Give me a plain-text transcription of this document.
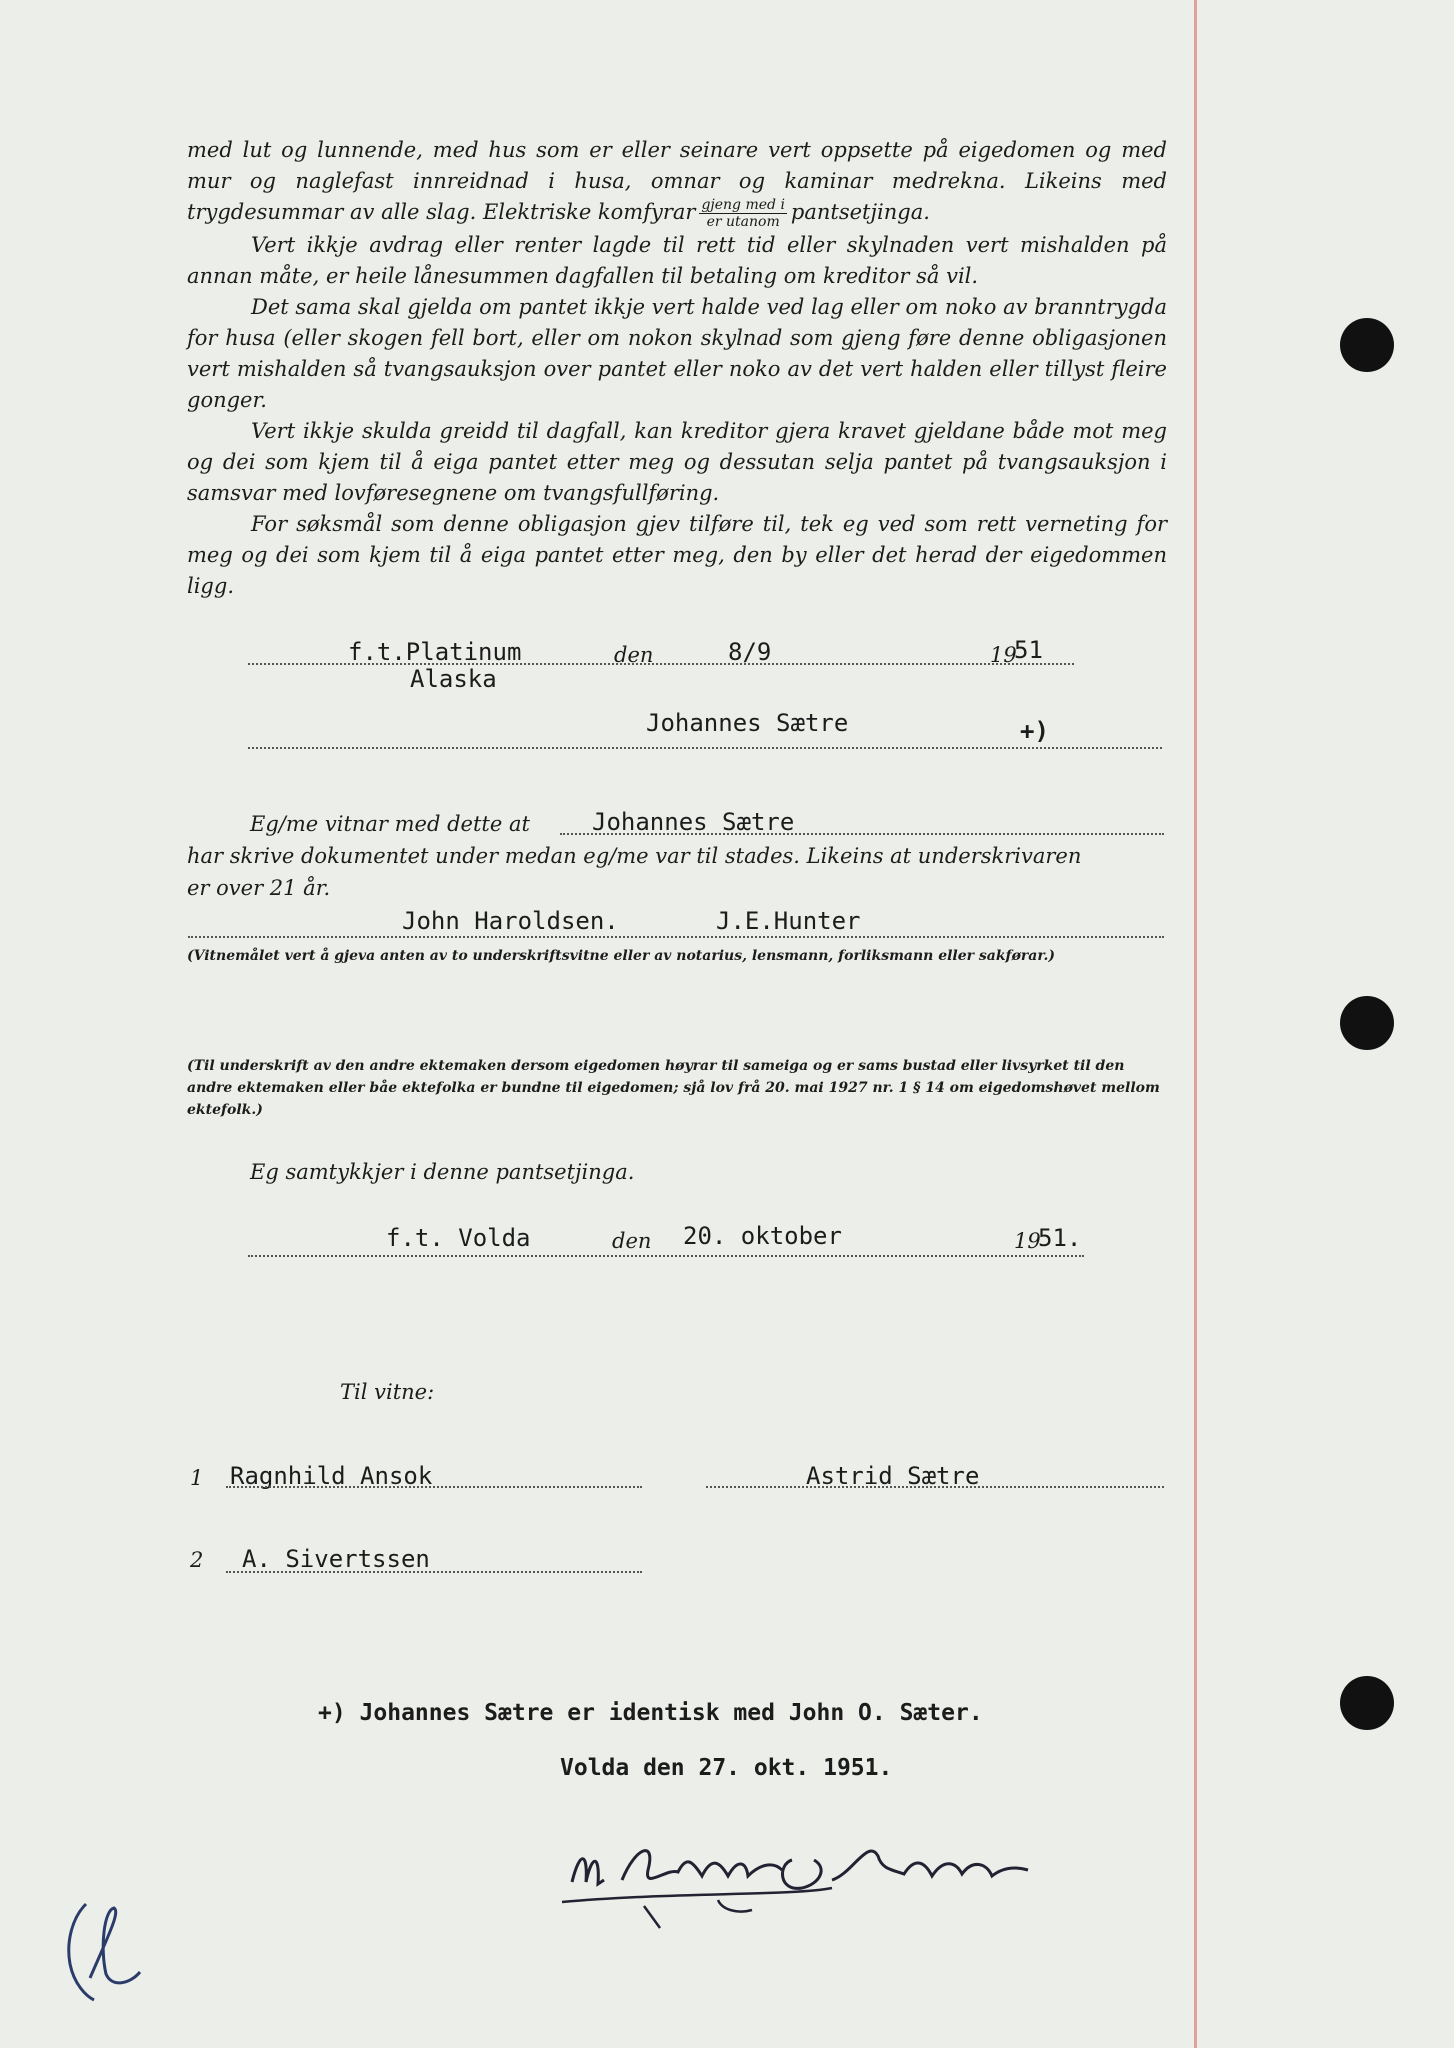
med lut og lunnende, med hus som er eller seinare vert oppsette på eigedomen og med mur og naglefast innreidnad i husa, omnar og kaminar medrekna. Likeins med trygdesummar av alle slag. Elektriske komfyrar $\frac{\text{gjeng med i}}{\text{er utanom}}$ pantsetjinga.

Vert ikkje avdrag eller renter lagde til rett tid eller skylnaden vert mishalden på annan måte, er heile lånesummen dagfallen til betaling om kreditor så vil.

Det sama skal gjelda om pantet ikkje vert halde ved lag eller om noko av branntrygda for husa (eller skogen fell bort, eller om nokon skylnad som gjeng føre denne obligasjonen vert mishalden så tvangsauksjon over pantet eller noko av det vert halden eller tillyst fleire gonger.

Vert ikkje skulda greidd til dagfall, kan kreditor gjera kravet gjeldane både mot meg og dei som kjem til å eiga pantet etter meg og dessutan selja pantet på tvangsauksjon i samsvar med lovføresegnene om tvangsfullføring.

For søksmål som denne obligasjon gjev tilføre til, tek eg ved som rett verneting for meg og dei som kjem til å eiga pantet etter meg, den by eller det herad der eigedommen ligg.

f.t.Platinum
Alaska
den	8/9	19
51
Johannes Sætre	+)
Eg/me vitnar med dette at	Johannes Sætre
har skrive dokumentet under medan eg/me var til stades. Likeins at underskrivaren
er over 21 år.
John Haroldsen.	J.E.Hunter
(Vitnemålet vert å gjeva anten av to underskriftsvitne eller av notarius, lensmann, forliksmann eller sakførar.)
(Til underskrift av den andre ektemaken dersom eigedomen høyrar til sameiga og er sams bustad eller livsyrket til den andre ektemaken eller båe ektefolka er bundne til eigedomen; sjå lov frå 20. mai 1927 nr. 1 § 14 om eigedomshøvet mellom ektefolk.)
Eg samtykkjer i denne pantsetjinga.
f.t. Volda	den 20. oktober	19
51.
Til vitne:
1 Ragnhild Ansok	Astrid Sætre
2 A. Sivertssen
+) Johannes Sætre er identisk med John O. Sæter.
Volda den 27. okt. 1951.
